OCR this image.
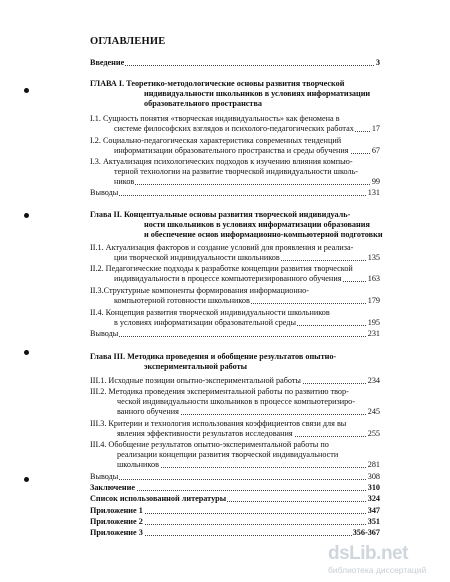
ОГЛАВЛЕНИЕ
Введение	3
ГЛАВА I. Теоретико-методологические основы развития творческой
индивидуальности школьников в условиях информатизации
образовательного пространства
I.1. Сущность понятия «творческая индивидуальность» как феномена в
системе философских взглядов и психолого-педагогических работах 17
I.2. Социально-педагогическая характеристика современных тенденций
информатизации образовательного пространства и среды обучения	67
I.3. Актуализация психологических подходов к изучению влияния компью-
терной технологии на развитие творческой индивидуальности школь-
ников	99
Выводы	131
Глава II. Концептуальные основы развития творческой индивидуаль-
ности школьников в условиях информатизации образования
и обеспечение основ информационно-компьютерной подготовки
II.1. Актуализация факторов и создание условий для проявления и реализа-
ции творческой индивидуальности школьников	135
II.2. Педагогические подходы к разработке концепции развития творческой
индивидуальности в процессе компьютеризированного обучения	163
II.3.Структурные компоненты формирования информационно-
компьютерной готовности школьников	179
II.4. Концепция развития творческой индивидуальности школьников
в условиях информатизации образовательной среды	195
Выводы	231
Глава III. Методика проведения и обобщение результатов опытно-
экспериментальной работы
III.1. Исходные позиции опытно-экспериментальной работы	234
III.2. Методика проведения экспериментальной работы по развитию твор-
ческой индивидуальности школьников в процессе компьютеризиро-
ванного обучения	245
III.3. Критерии и технология использования коэффициентов связи для вы
явления эффективности результатов исследования	255
III.4. Обобщение результатов опытно-экспериментальной работы по
реализации концепции развития творческой индивидуальности
школьников	281
Выводы	308
Заключение	310
Список использованной литературы	324
Приложение 1	347
Приложение 2	351
Приложение 3	356-367
dsLib.net
библиотека диссертаций
